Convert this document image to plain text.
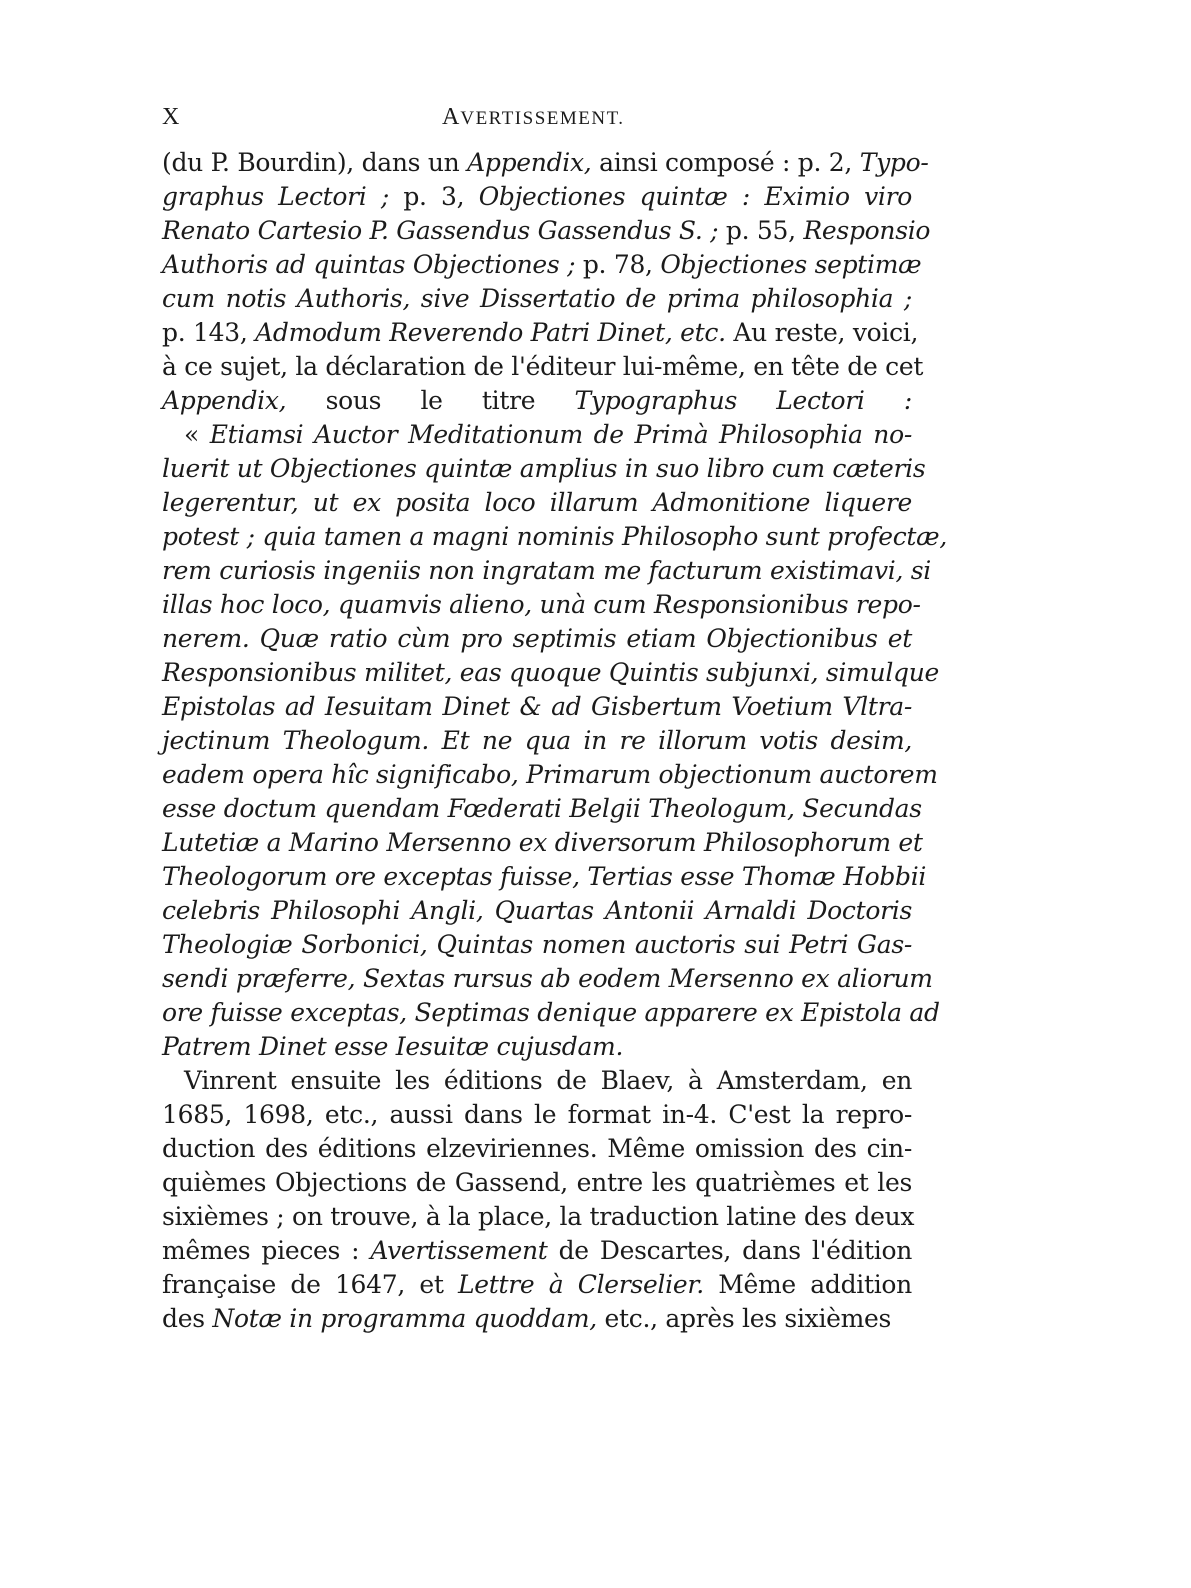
X	AVERTISSEMENT.
(du P. Bourdin), dans un Appendix, ainsi composé : p. 2, Typo-
graphus Lectori ; p. 3, Objectiones quintæ : Eximio viro
Renato Cartesio P. Gassendus Gassendus S. ; p. 55, Responsio
Authoris ad quintas Objectiones ; p. 78, Objectiones septimæ
cum notis Authoris, sive Dissertatio de prima philosophia ;
p. 143, Admodum Reverendo Patri Dinet, etc. Au reste, voici,
à ce sujet, la déclaration de l'éditeur lui-même, en tête de cet
Appendix, sous le titre Typographus Lectori :
« Etiamsi Auctor Meditationum de Primà Philosophia no-
luerit ut Objectiones quintæ amplius in suo libro cum cæteris
legerentur, ut ex posita loco illarum Admonitione liquere
potest ; quia tamen a magni nominis Philosopho sunt profectæ,
rem curiosis ingeniis non ingratam me facturum existimavi, si
illas hoc loco, quamvis alieno, unà cum Responsionibus repo-
nerem. Quæ ratio cùm pro septimis etiam Objectionibus et
Responsionibus militet, eas quoque Quintis subjunxi, simulque
Epistolas ad Iesuitam Dinet & ad Gisbertum Voetium Vltra-
jectinum Theologum. Et ne qua in re illorum votis desim,
eadem opera hîc significabo, Primarum objectionum auctorem
esse doctum quendam Fœderati Belgii Theologum, Secundas
Lutetiæ a Marino Mersenno ex diversorum Philosophorum et
Theologorum ore exceptas fuisse, Tertias esse Thomæ Hobbii
celebris Philosophi Angli, Quartas Antonii Arnaldi Doctoris
Theologiæ Sorbonici, Quintas nomen auctoris sui Petri Gas-
sendi præferre, Sextas rursus ab eodem Mersenno ex aliorum
ore fuisse exceptas, Septimas denique apparere ex Epistola ad
Patrem Dinet esse Iesuitæ cujusdam.
Vinrent ensuite les éditions de Blaev, à Amsterdam, en
1685, 1698, etc., aussi dans le format in-4. C'est la repro-
duction des éditions elzeviriennes. Même omission des cin-
quièmes Objections de Gassend, entre les quatrièmes et les
sixièmes ; on trouve, à la place, la traduction latine des deux
mêmes pieces : Avertissement de Descartes, dans l'édition
française de 1647, et Lettre à Clerselier. Même addition
des Notæ in programma quoddam, etc., après les sixièmes
